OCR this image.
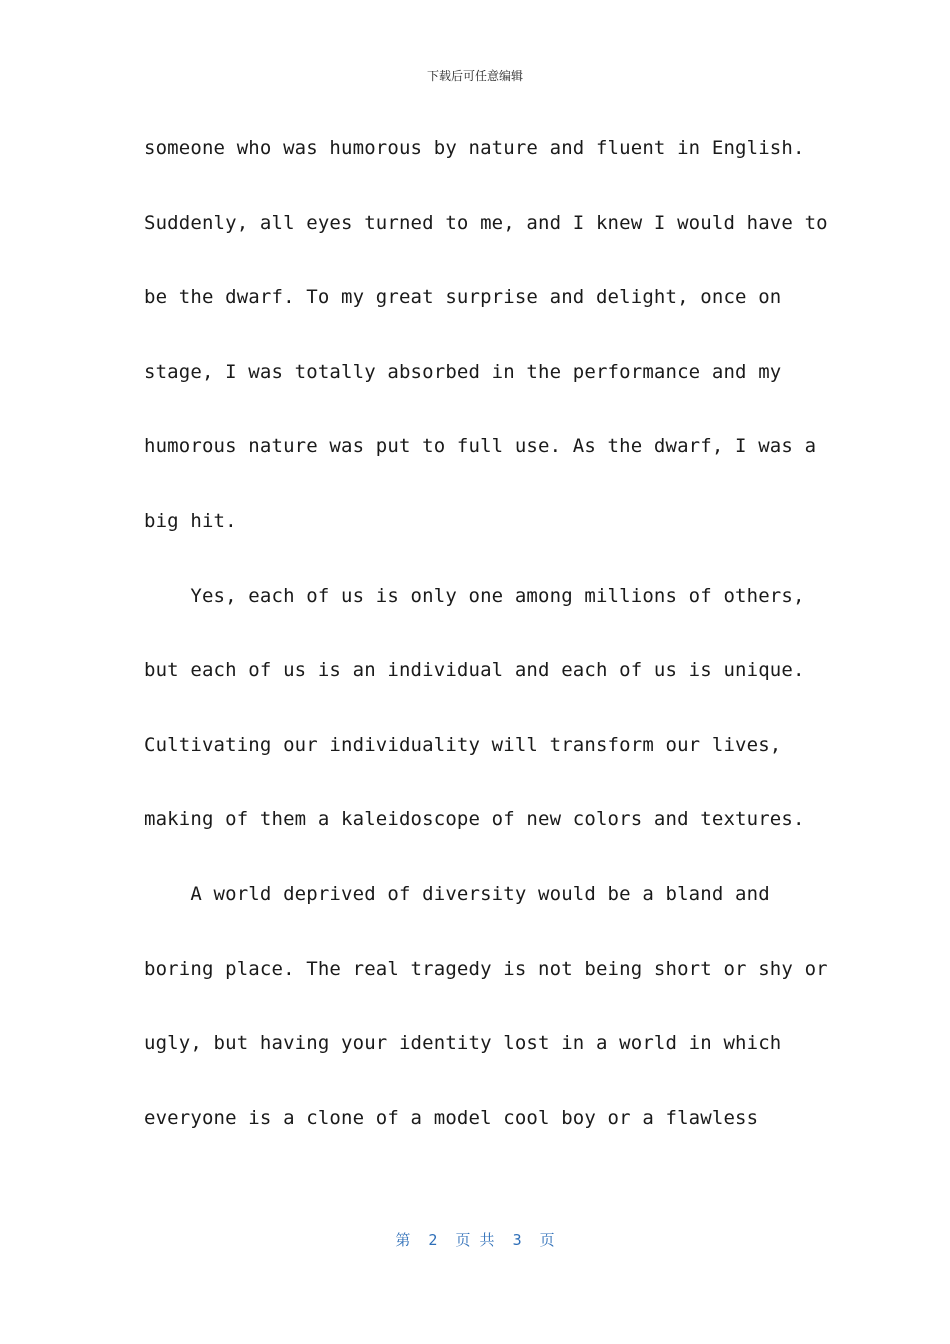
下载后可任意编辑
someone who was humorous by nature and fluent in English.
Suddenly, all eyes turned to me, and I knew I would have to
be the dwarf. To my great surprise and delight, once on
stage, I was totally absorbed in the performance and my
humorous nature was put to full use. As the dwarf, I was a
big hit.
Yes, each of us is only one among millions of others,
but each of us is an individual and each of us is unique.
Cultivating our individuality will transform our lives,
making of them a kaleidoscope of new colors and textures.
A world deprived of diversity would be a bland and
boring place. The real tragedy is not being short or shy or
ugly, but having your identity lost in a world in which
everyone is a clone of a model cool boy or a flawless
第  2  页 共  3  页
